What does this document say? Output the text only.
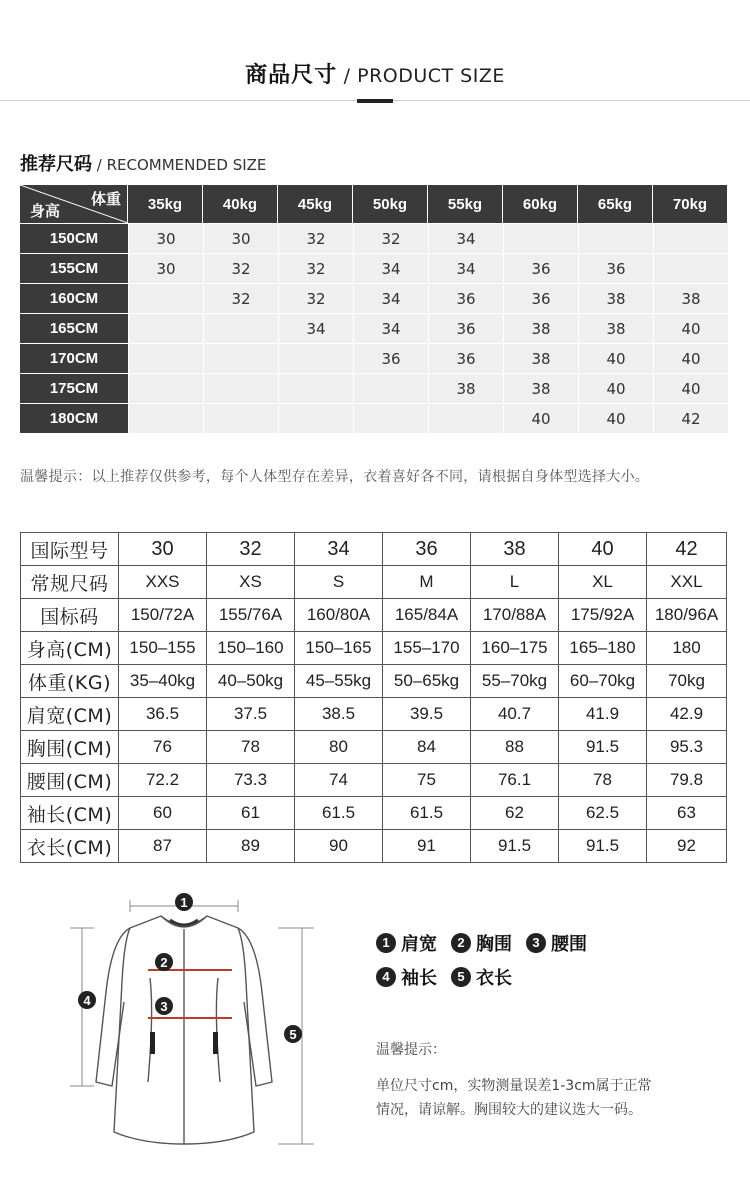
商品尺寸 / PRODUCT SIZE
推荐尺码 / RECOMMENDED SIZE
体重
身高	35kg	40kg	45kg	50kg	55kg	60kg	65kg	70kg
150CM	30	30	32	32	34			
155CM	30	32	32	34	34	36	36	
160CM		32	32	34	36	36	38	38
165CM			34	34	36	38	38	40
170CM				36	36	38	40	40
175CM					38	38	40	40
180CM						40	40	42
温馨提示：以上推荐仅供参考，每个人体型存在差异，衣着喜好各不同，请根据自身体型选择大小。
国际型号	30	32	34	36	38	40	42
常规尺码	XXS	XS	S	M	L	XL	XXL
国标码	150/72A	155/76A	160/80A	165/84A	170/88A	175/92A	180/96A
身高(CM)	150–155	150–160	150–165	155–170	160–175	165–180	180
体重(KG)	35–40kg	40–50kg	45–55kg	50–65kg	55–70kg	60–70kg	70kg
肩宽(CM)	36.5	37.5	38.5	39.5	40.7	41.9	42.9
胸围(CM)	76	78	80	84	88	91.5	95.3
腰围(CM)	72.2	73.3	74	75	76.1	78	79.8
袖长(CM)	60	61	61.5	61.5	62	62.5	63
衣长(CM)	87	89	90	91	91.5	91.5	92
1
2
3
4
5
1 肩宽	2 胸围	3 腰围
4 袖长	5 衣长
温馨提示：
单位尺寸cm，实物测量误差1-3cm属于正常
情况，请谅解。胸围较大的建议选大一码。
